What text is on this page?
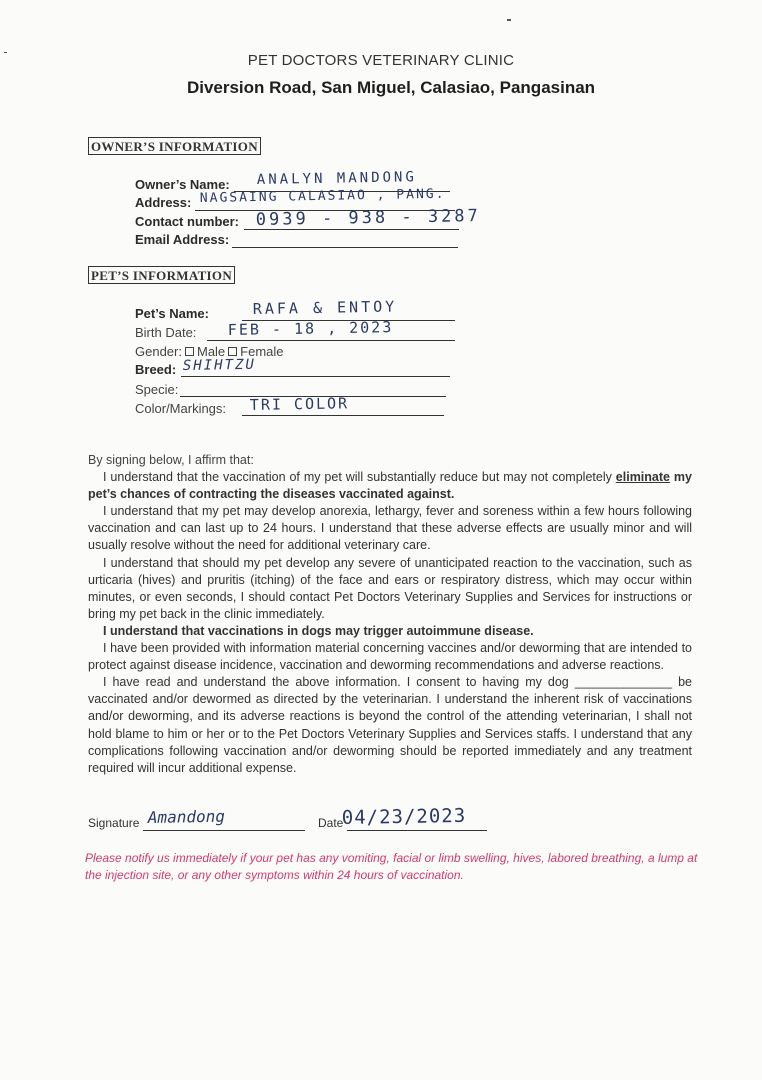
PET DOCTORS VETERINARY CLINIC
Diversion Road, San Miguel, Calasiao, Pangasinan
OWNER’S INFORMATION
Owner’s Name: ANALYN MANDONG
Address: NAGSAING CALASIAO , PANG.
Contact number: 0939 - 938 - 3287
Email Address:
PET’S INFORMATION
Pet’s Name:	RAFA & ENTOY
Birth Date: FEB - 18 , 2023
Gender: Male Female
Breed: SHIHTZU
Specie:
Color/Markings: TRI COLOR

By signing below, I affirm that:

I understand that the vaccination of my pet will substantially reduce but may not completely eliminate my pet’s chances of contracting the diseases vaccinated against.

I understand that my pet may develop anorexia, lethargy, fever and soreness within a few hours following vaccination and can last up to 24 hours. I understand that these adverse effects are usually minor and will usually resolve without the need for additional veterinary care.

I understand that should my pet develop any severe of unanticipated reaction to the vaccination, such as urticaria (hives) and pruritis (itching) of the face and ears or respiratory distress, which may occur within minutes, or even seconds, I should contact Pet Doctors Veterinary Supplies and Services for instructions or bring my pet back in the clinic immediately.

I understand that vaccinations in dogs may trigger autoimmune disease.

I have been provided with information material concerning vaccines and/or deworming that are intended to protect against disease incidence, vaccination and deworming recommendations and adverse reactions.

I have read and understand the above information. I consent to having my dog ______________ be vaccinated and/or dewormed as directed by the veterinarian. I understand the inherent risk of vaccinations and/or deworming, and its adverse reactions is beyond the control of the attending veterinarian, I shall not hold blame to him or her or to the Pet Doctors Veterinary Supplies and Services staffs. I understand that any complications following vaccination and/or deworming should be reported immediately and any treatment required will incur additional expense.

Signature Amandong	Date
04/23/2023
Please notify us immediately if your pet has any vomiting, facial or limb swelling, hives, labored breathing, a lump at the injection site, or any other symptoms within 24 hours of vaccination.
